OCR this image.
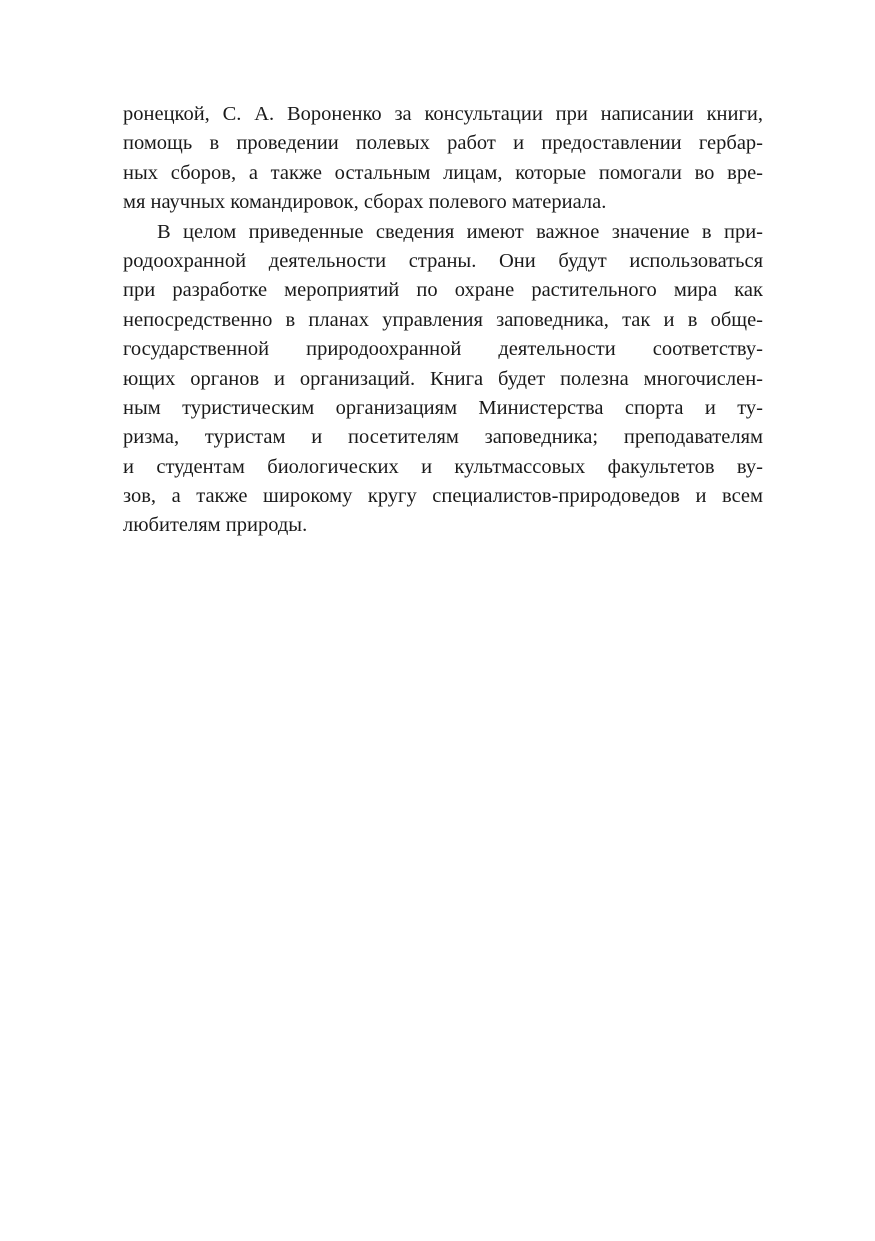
ронецкой, С. А. Вороненко за консультации при написании книги,
помощь в проведении полевых работ и предоставлении гербар-
ных сборов, а также остальным лицам, которые помогали во вре-
мя научных командировок, сборах полевого материала.
В целом приведенные сведения имеют важное значение в при-
родоохранной деятельности страны. Они будут использоваться
при разработке мероприятий по охране растительного мира как
непосредственно в планах управления заповедника, так и в обще-
государственной природоохранной деятельности соответству-
ющих органов и организаций. Книга будет полезна многочислен-
ным туристическим организациям Министерства спорта и ту-
ризма, туристам и посетителям заповедника; преподавателям
и студентам биологических и культмассовых факультетов ву-
зов, а также широкому кругу специалистов-природоведов и всем
любителям природы.
